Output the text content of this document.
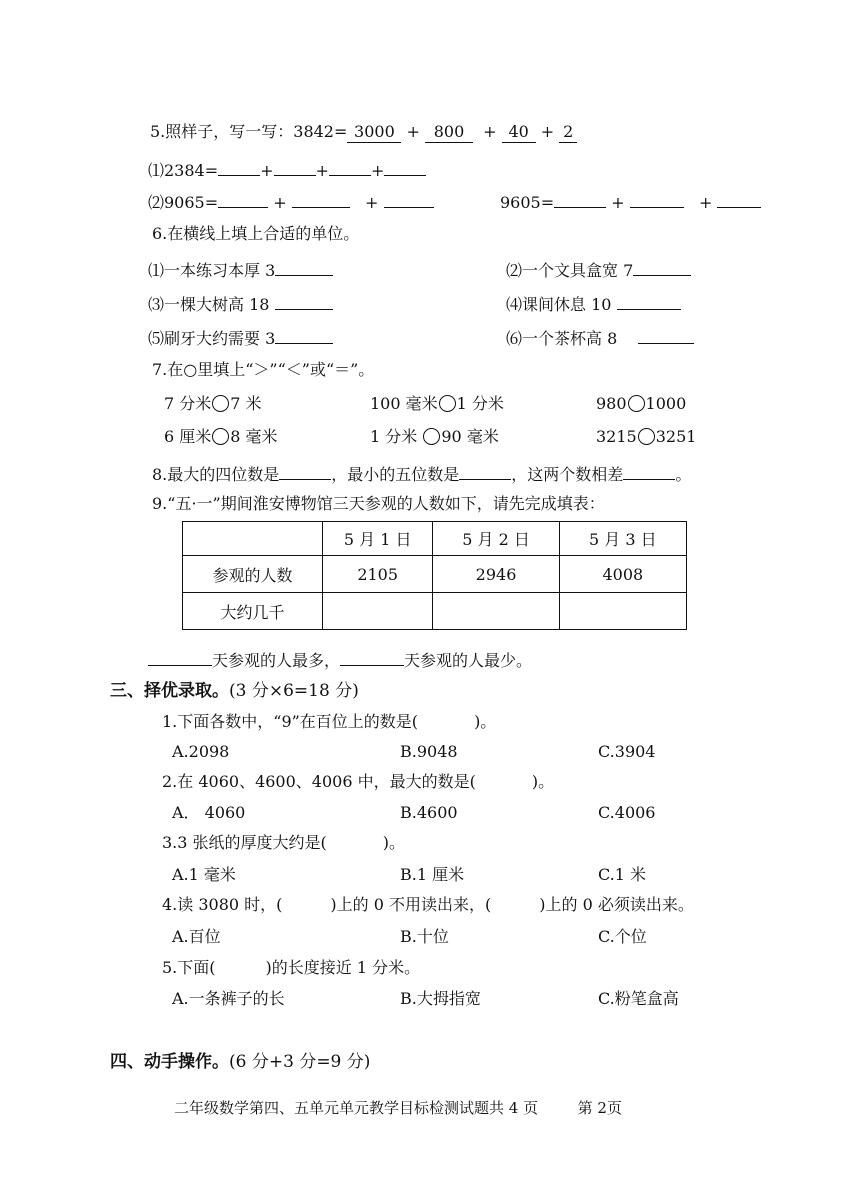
5.照样子，写一写：3842= 3000 + 800 + 40 + 2
⑴2384=	+	+	+
⑵9065=	+	+	9605=	+	+
6.在横线上填上合适的单位。
⑴一本练习本厚 3	⑵一个文具盒宽 7
⑶一棵大树高 18	⑷课间休息 10
⑸刷牙大约需要 3	⑹一个茶杯高 8
7.在○里填上“＞”“＜”或“＝”。
7 分米 7 米	100 毫米 1 分米	980 1000
6 厘米 8 毫米	1 分米 90 毫米	3215 3251
8.最大的四位数是	，最小的五位数是	，这两个数相差	。
9.“五·一”期间淮安博物馆三天参观的人数如下，请先完成填表：
	5 月 1 日	5 月 2 日	5 月 3 日
参观的人数	2105	2946	4008
大约几千			
天参观的人最多，	天参观的人最少。
三、择优录取。(3 分×6=18 分)
1.下面各数中，“9”在百位上的数是(	)。
A.2098	B.9048	C.3904
2.在 4060、4600、4006 中，最大的数是(	)。
A． 4060	B.4600	C.4006
3.3 张纸的厚度大约是(	)。
A.1 毫米	B.1 厘米	C.1 米
4.读 3080 时，(	)上的 0 不用读出来，(	)上的 0 必须读出来。
A.百位	B.十位	C.个位
5.下面(	)的长度接近 1 分米。
A.一条裤子的长	B.大拇指宽	C.粉笔盒高
四、动手操作。(6 分+3 分=9 分)
二年级数学第四、五单元单元教学目标检测试题共 4 页	第 2页
